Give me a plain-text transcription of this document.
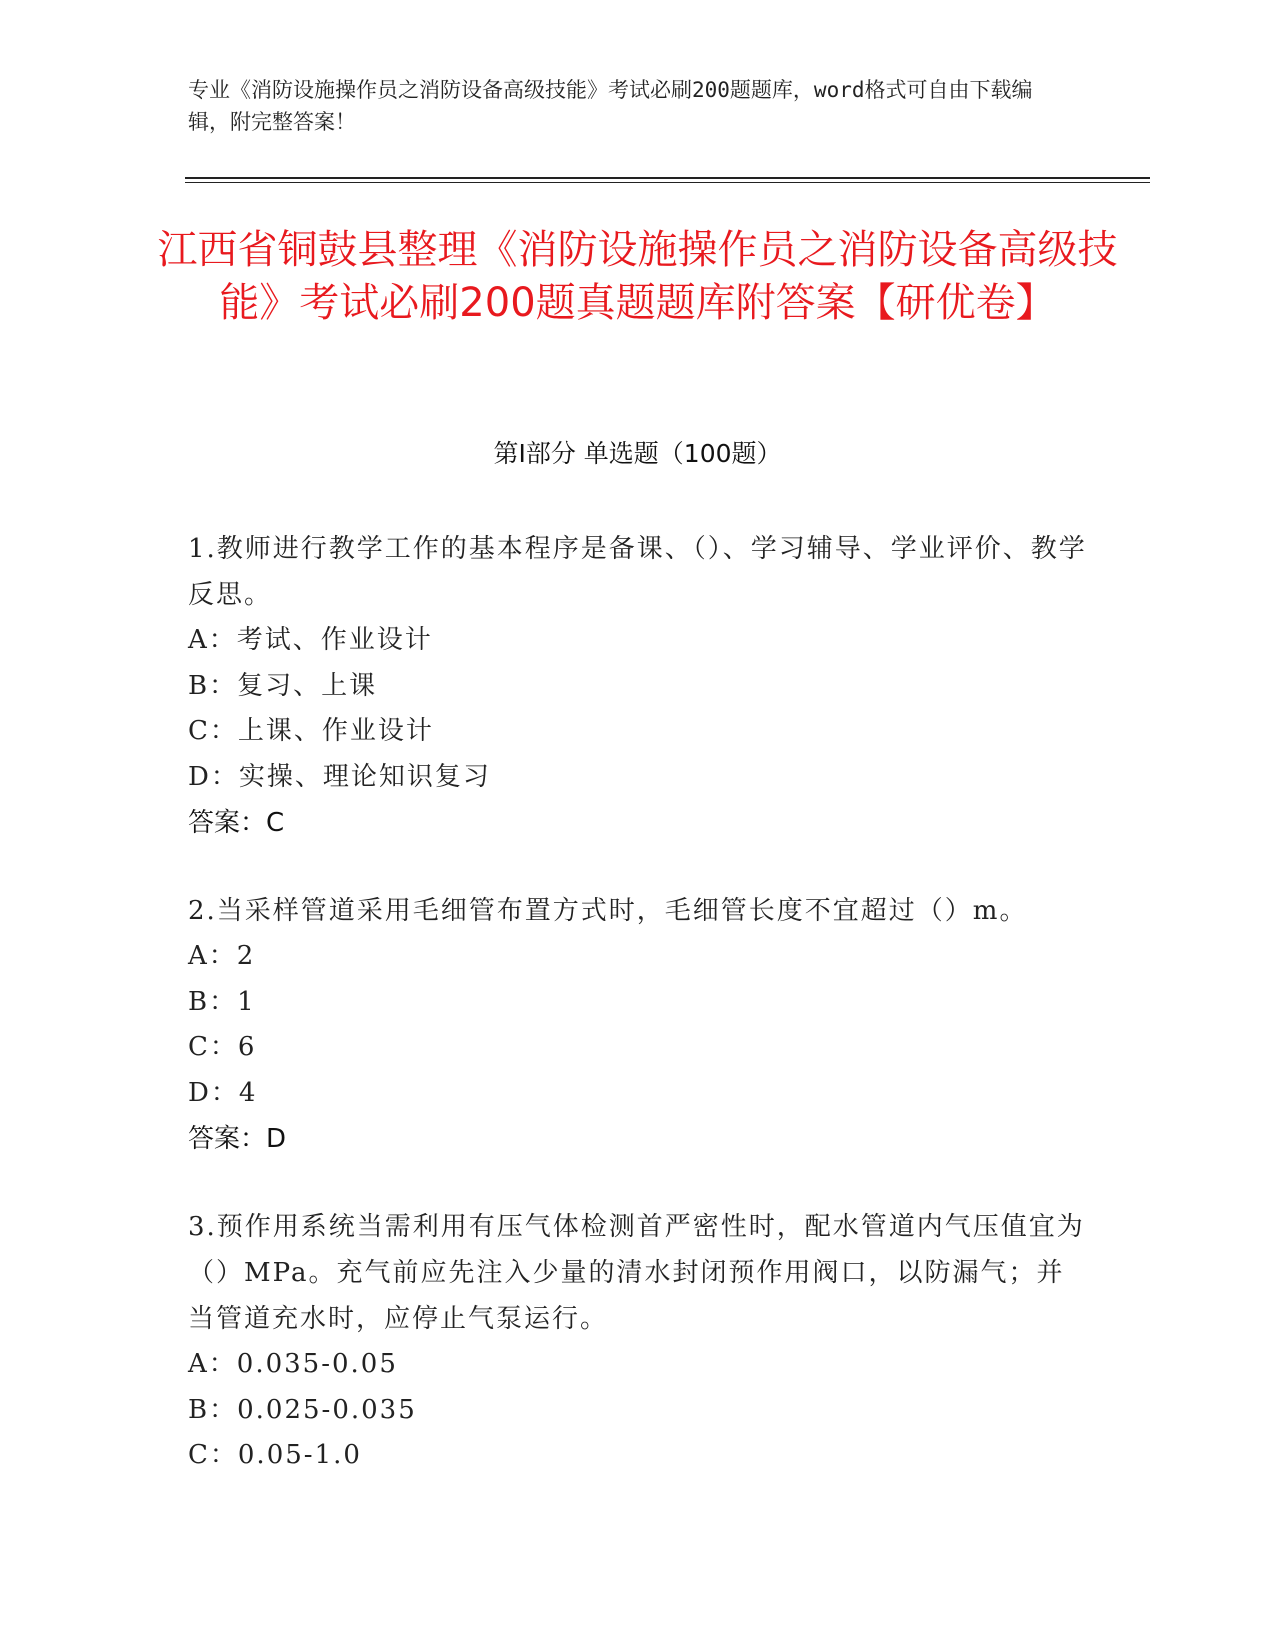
专业《消防设施操作员之消防设备高级技能》考试必刷200题题库，word格式可自由下载编辑，附完整答案！
江西省铜鼓县整理《消防设施操作员之消防设备高级技能》考试必刷200题真题题库附答案【研优卷】
第I部分 单选题（100题）
1.教师进行教学工作的基本程序是备课、（）、学习辅导、学业评价、教学反思。
A：考试、作业设计
B：复习、上课
C：上课、作业设计
D：实操、理论知识复习
答案：C
2.当采样管道采用毛细管布置方式时，毛细管长度不宜超过（）m。
A：2
B：1
C：6
D：4
答案：D
3.预作用系统当需利用有压气体检测首严密性时，配水管道内气压值宜为（）MPa。充气前应先注入少量的清水封闭预作用阀口，以防漏气；并当管道充水时，应停止气泵运行。
A：0.035-0.05
B：0.025-0.035
C：0.05-1.0
